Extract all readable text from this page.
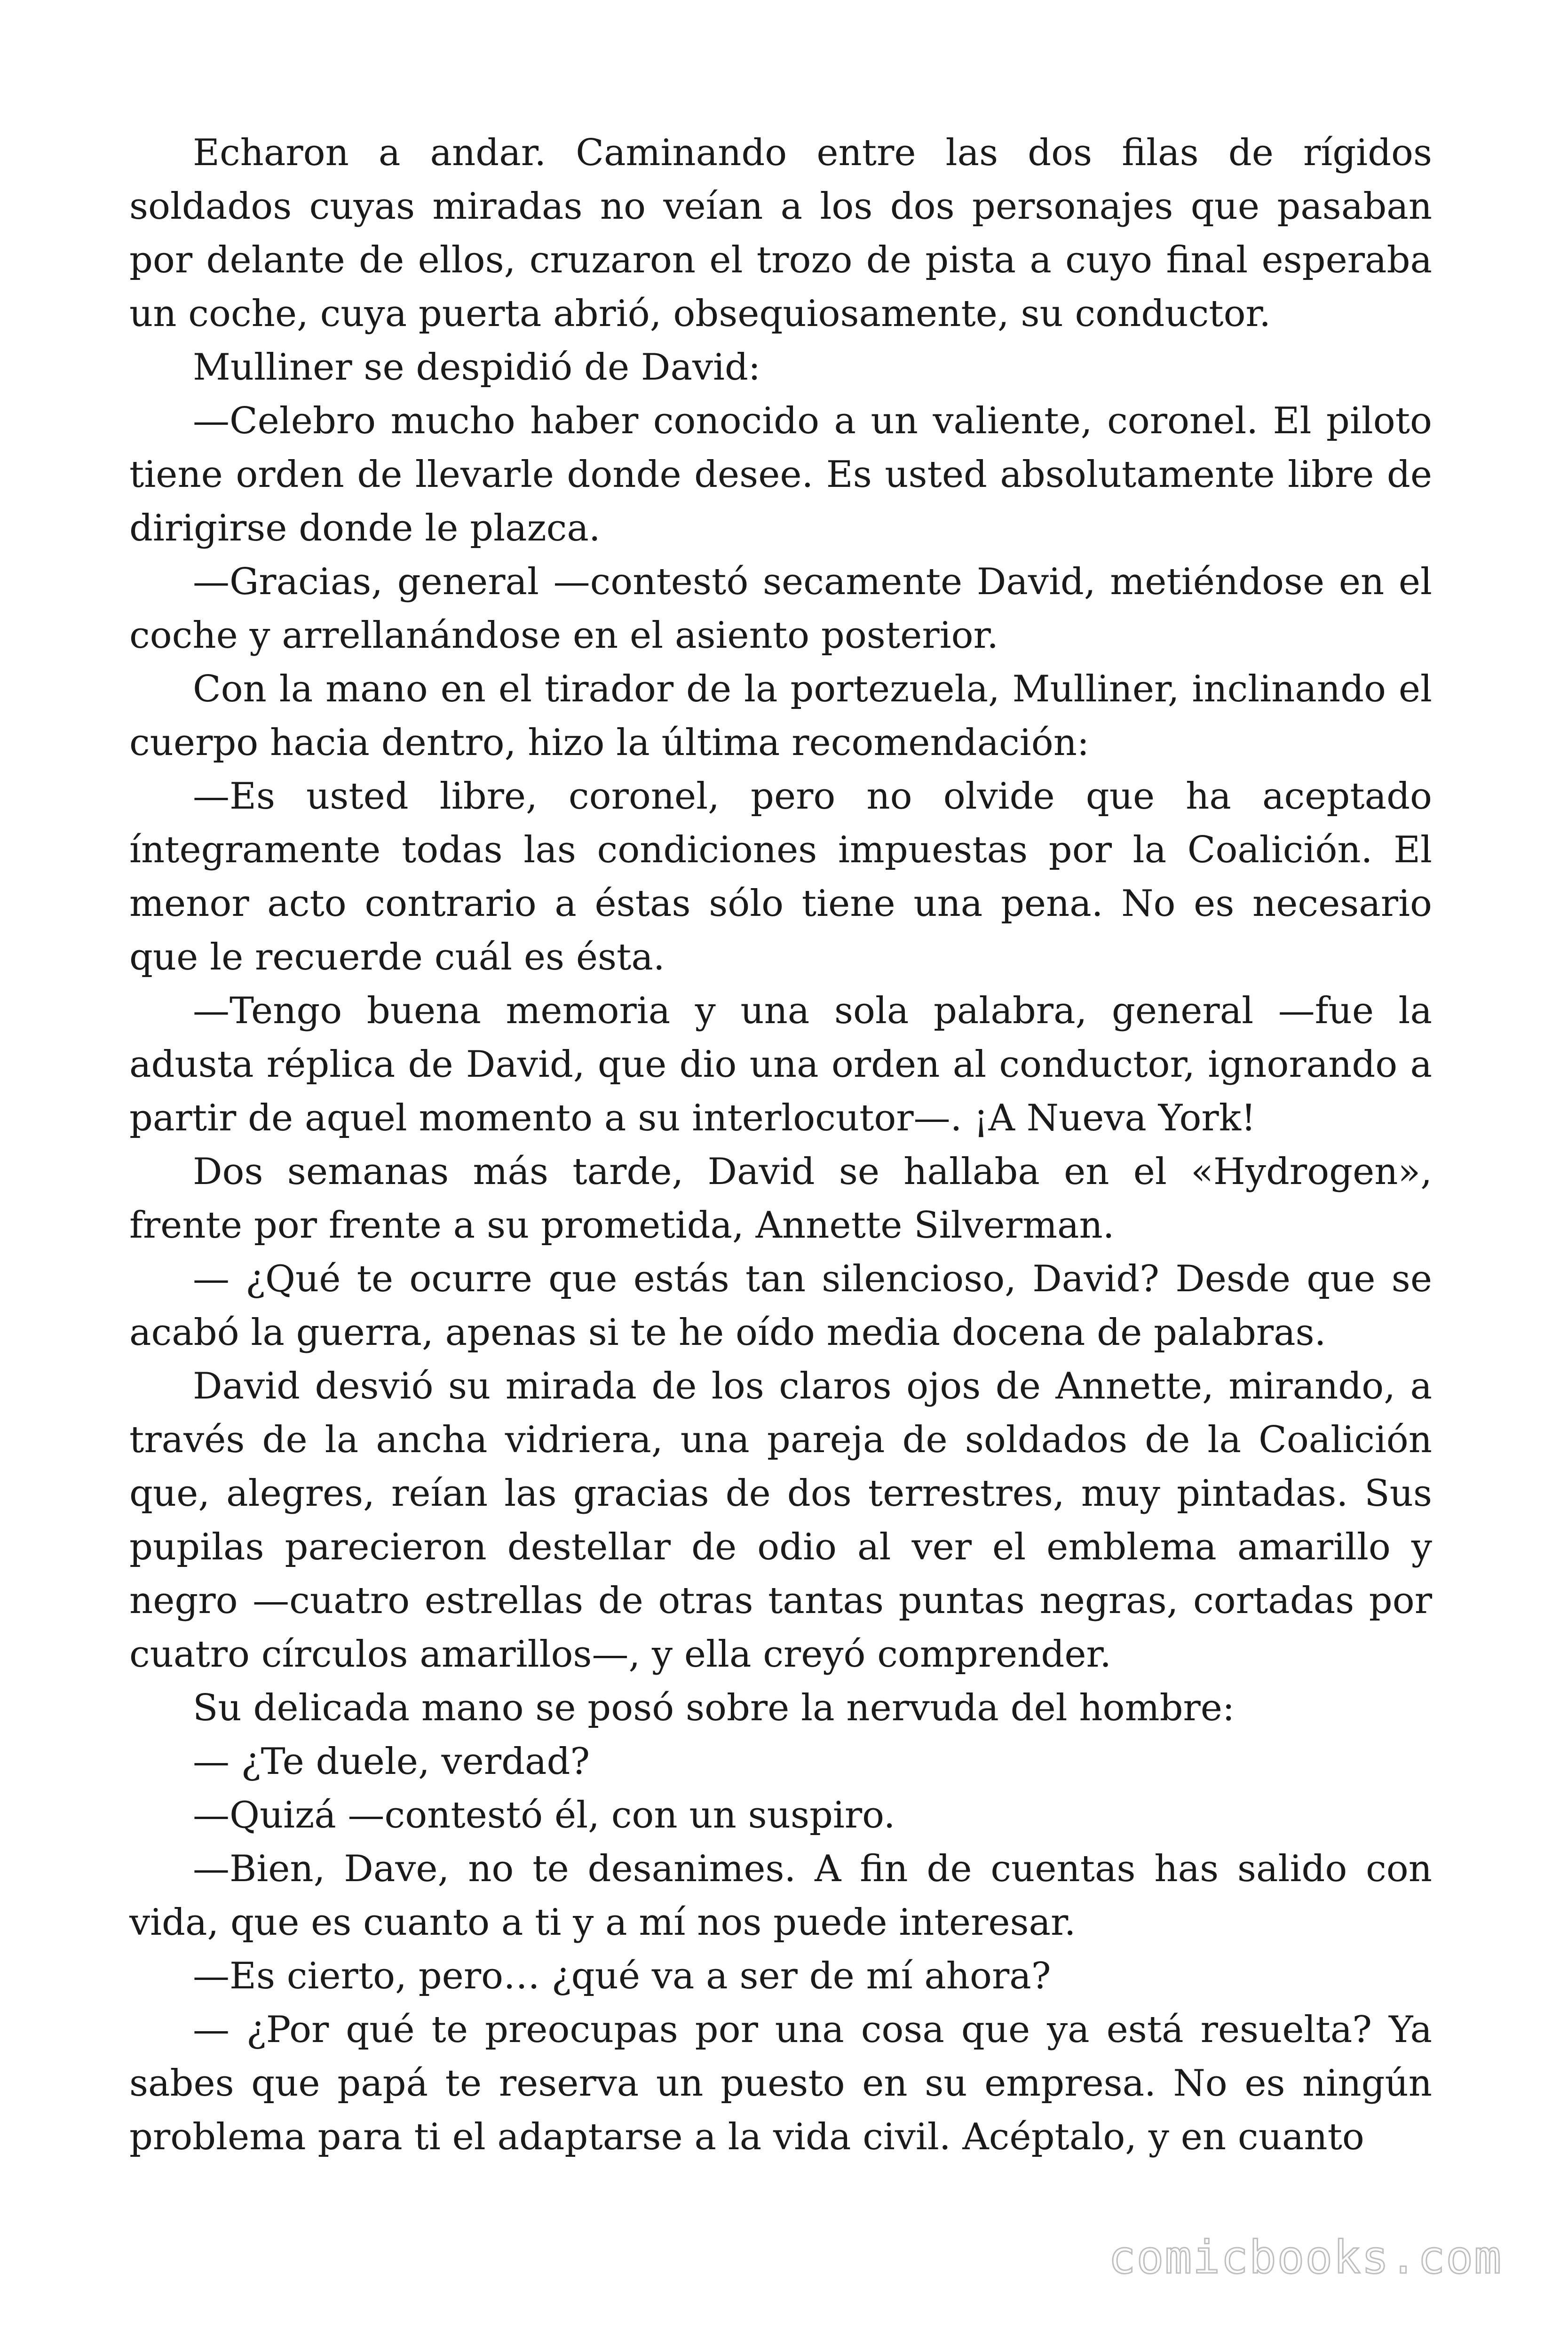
Echaron a andar. Caminando entre las dos filas de rígidos soldados cuyas miradas no veían a los dos personajes que pasaban por delante de ellos, cruzaron el trozo de pista a cuyo final esperaba un coche, cuya puerta abrió, obsequiosamente, su conductor.

Mulliner se despidió de David:

—Celebro mucho haber conocido a un valiente, coronel. El piloto tiene orden de llevarle donde desee. Es usted absolutamente libre de dirigirse donde le plazca.

—Gracias, general —contestó secamente David, metiéndose en el coche y arrellanándose en el asiento posterior.

Con la mano en el tirador de la portezuela, Mulliner, inclinando el cuerpo hacia dentro, hizo la última recomendación:

—Es usted libre, coronel, pero no olvide que ha aceptado íntegramente todas las condiciones impuestas por la Coalición. El menor acto contrario a éstas sólo tiene una pena. No es necesario que le recuerde cuál es ésta.

—Tengo buena memoria y una sola palabra, general —fue la adusta réplica de David, que dio una orden al conductor, ignorando a partir de aquel momento a su interlocutor—. ¡A Nueva York!

Dos semanas más tarde, David se hallaba en el «Hydrogen», frente por frente a su prometida, Annette Silverman.

— ¿Qué te ocurre que estás tan silencioso, David? Desde que se acabó la guerra, apenas si te he oído media docena de palabras.

David desvió su mirada de los claros ojos de Annette, mirando, a través de la ancha vidriera, una pareja de soldados de la Coalición que, alegres, reían las gracias de dos terrestres, muy pintadas. Sus pupilas parecieron destellar de odio al ver el emblema amarillo y negro —cuatro estrellas de otras tantas puntas negras, cortadas por cuatro círculos amarillos—, y ella creyó comprender.

Su delicada mano se posó sobre la nervuda del hombre:

— ¿Te duele, verdad?

—Quizá —contestó él, con un suspiro.

—Bien, Dave, no te desanimes. A fin de cuentas has salido con vida, que es cuanto a ti y a mí nos puede interesar.

—Es cierto, pero… ¿qué va a ser de mí ahora?

— ¿Por qué te preocupas por una cosa que ya está resuelta? Ya sabes que papá te reserva un puesto en su empresa. No es ningún problema para ti el adaptarse a la vida civil. Acéptalo, y en cuanto

comicbooks.com
